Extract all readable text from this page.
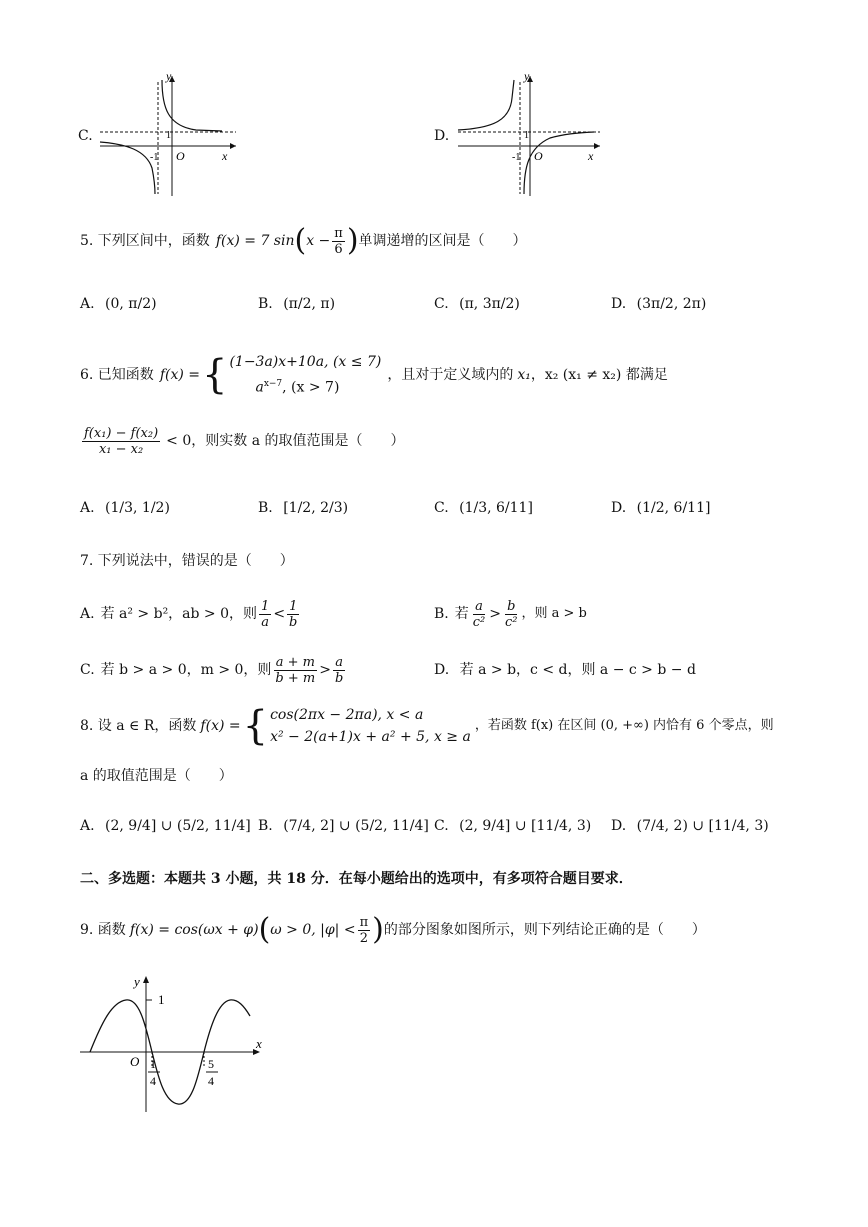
C.
y
x
O
1
-1
D.
y
x
O
1
-1
5. 下列区间中，函数 f(x) = 7 sin ( $x - \frac{\pi}{6}$ ) 单调递增的区间是（　　）
A. (0, π/2)	B. (π/2, π)	C. (π, 3π/2)	D. (3π/2, 2π)
6. 已知函数 f(x) = { (1−3a)x+10a, (x ≤ 7)
$a^{x-7}$, (x > 7)
，且对于定义域内的 x₁ ，x₂ (x₁ ≠ x₂) 都满足
$\frac{\text{f(x₁) − f(x₂)}}{\text{x₁ − x₂}} < 0$，则实数 a 的取值范围是（　　）
A. (1/3, 1/2)	B. [1/2, 2/3)	C. (1/3, 6/11]	D. (1/2, 6/11]
7. 下列说法中，错误的是（　　）
A. 若 a² > b²，ab > 0，则 $\frac{1}{a} < \frac{1}{b}$	B. 若 $\frac{a}{\text{c²}} > \frac{b}{\text{c²}}$ ，则 a > b
C. 若 b > a > 0，m > 0，则 $\frac{a + m}{b + m} > \frac{a}{b}$	D. 若 a > b，c < d，则 a − c > b − d
8. 设 a ∈ R，函数 f(x) = { cos(2πx − 2πa), x < a
x² − 2(a+1)x + a² + 5, x ≥ a
，若函数 f(x) 在区间 (0, +∞) 内恰有 6 个零点，则
a 的取值范围是（　　）
A. (2, 9/4] ∪ (5/2, 11/4] B. (7/4, 2] ∪ (5/2, 11/4] C. (2, 9/4] ∪ [11/4, 3) D. (7/4, 2) ∪ [11/4, 3)
二、多选题：本题共 3 小题，共 18 分．在每小题给出的选项中，有多项符合题目要求．
9. 函数 f(x) = cos(ωx + φ) ( ω > 0, $|\varphi| < \frac{\pi}{2}$ ) 的部分图象如图所示，则下列结论正确的是（　　）
y
x
O
1
1
4
5
4
